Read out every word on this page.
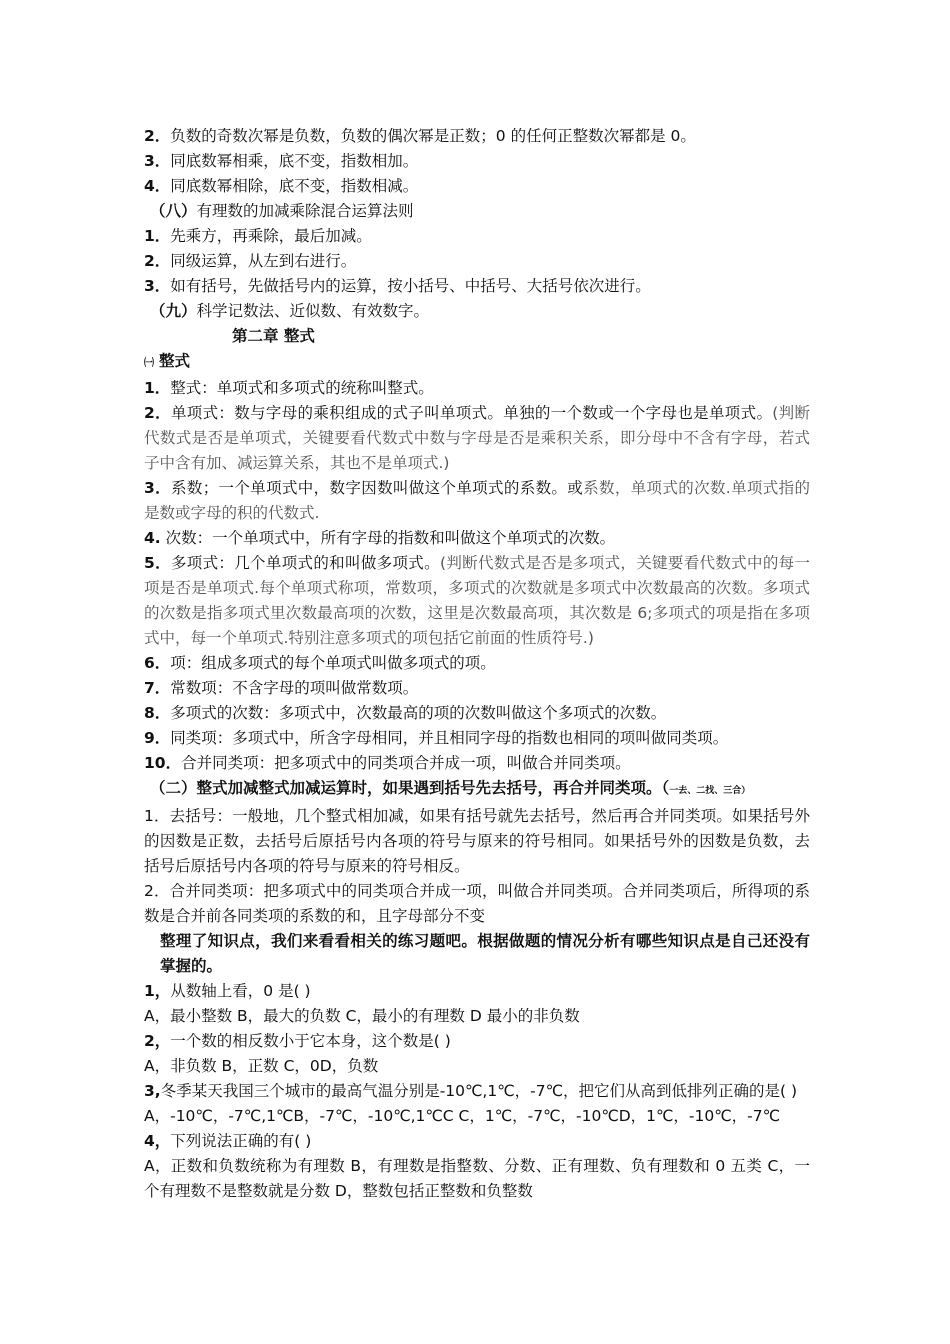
2．负数的奇数次幂是负数，负数的偶次幂是正数；0 的任何正整数次幂都是 0。
3．同底数幂相乘，底不变，指数相加。
4．同底数幂相除，底不变，指数相减。
（八）有理数的加减乘除混合运算法则
1．先乘方，再乘除，最后加减。
2．同级运算，从左到右进行。
3．如有括号，先做括号内的运算，按小括号、中括号、大括号依次进行。
（九）科学记数法、近似数、有效数字。
第二章 整式
㈠ 整式
1．整式：单项式和多项式的统称叫整式。
2．单项式：数与字母的乘积组成的式子叫单项式。单独的一个数或一个字母也是单项式。(判断代数式是否是单项式，关键要看代数式中数与字母是否是乘积关系，即分母中不含有字母，若式子中含有加、减运算关系，其也不是单项式.)
3．系数；一个单项式中，数字因数叫做这个单项式的系数。或系数，单项式的次数.单项式指的是数或字母的积的代数式.
4. 次数：一个单项式中，所有字母的指数和叫做这个单项式的次数。
5．多项式：几个单项式的和叫做多项式。(判断代数式是否是多项式，关键要看代数式中的每一项是否是单项式.每个单项式称项，常数项，多项式的次数就是多项式中次数最高的次数。多项式的次数是指多项式里次数最高项的次数，这里是次数最高项，其次数是 6;多项式的项是指在多项式中，每一个单项式.特别注意多项式的项包括它前面的性质符号.)
6．项：组成多项式的每个单项式叫做多项式的项。
7．常数项：不含字母的项叫做常数项。
8．多项式的次数：多项式中，次数最高的项的次数叫做这个多项式的次数。
9．同类项：多项式中，所含字母相同，并且相同字母的指数也相同的项叫做同类项。
10．合并同类项：把多项式中的同类项合并成一项，叫做合并同类项。
（二）整式加减整式加减运算时，如果遇到括号先去括号，再合并同类项。（一去、二找、三合）
1．去括号：一般地，几个整式相加减，如果有括号就先去括号，然后再合并同类项。如果括号外的因数是正数，去括号后原括号内各项的符号与原来的符号相同。如果括号外的因数是负数，去括号后原括号内各项的符号与原来的符号相反。
2．合并同类项：把多项式中的同类项合并成一项，叫做合并同类项。合并同类项后，所得项的系数是合并前各同类项的系数的和，且字母部分不变
整理了知识点，我们来看看相关的练习题吧。根据做题的情况分析有哪些知识点是自己还没有掌握的。
1，从数轴上看，0 是( )
A，最小整数 B，最大的负数 C，最小的有理数 D 最小的非负数
2，一个数的相反数小于它本身，这个数是( )
A，非负数 B，正数 C，0D，负数
3,冬季某天我国三个城市的最高气温分别是-10℃,1℃，-7℃，把它们从高到低排列正确的是( )
A，-10℃，-7℃,1℃B，-7℃，-10℃,1℃C C，1℃，-7℃，-10℃D，1℃，-10℃，-7℃
4，下列说法正确的有( )
A，正数和负数统称为有理数 B，有理数是指整数、分数、正有理数、负有理数和 0 五类 C，一个有理数不是整数就是分数 D，整数包括正整数和负整数
